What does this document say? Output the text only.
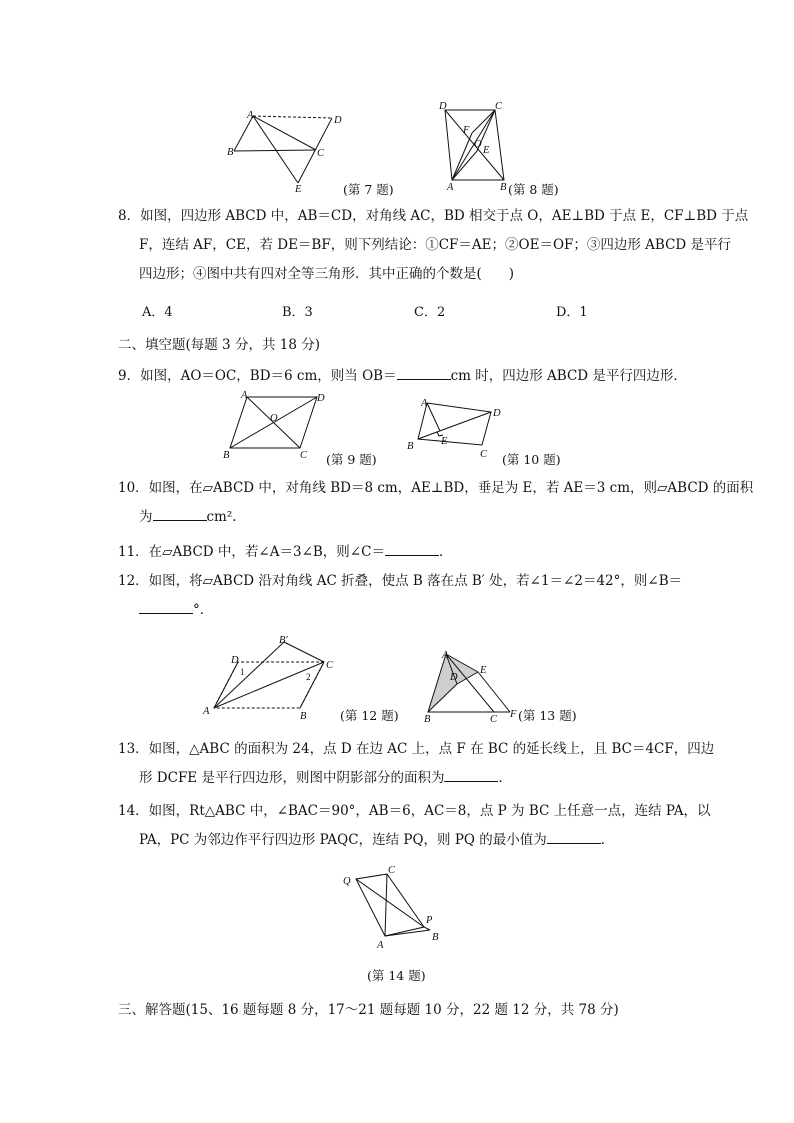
A	D
B	C
E	(第 7 题)
D	C
F
O
E
A	B (第 8 题)
8．如图，四边形 ABCD 中，AB＝CD，对角线 AC，BD 相交于点 O，AE⊥BD 于点 E，CF⊥BD 于点
F，连结 AF，CE，若 DE＝BF，则下列结论：①CF＝AE；②OE＝OF；③四边形 ABCD 是平行
四边形；④图中共有四对全等三角形．其中正确的个数是(　　)
A．4	B．3	C．2	D．1
二、填空题(每题 3 分，共 18 分)
9．如图，AO＝OC，BD＝6 cm，则当 OB＝	cm 时，四边形 ABCD 是平行四边形．
A	D
O
B	C (第 9 题)
A
D
E
B
C (第 10 题)
10．如图，在▱ABCD 中，对角线 BD＝8 cm，AE⊥BD，垂足为 E，若 AE＝3 cm，则▱ABCD 的面积
为	cm².
11．在▱ABCD 中，若∠A＝3∠B，则∠C＝	．
12．如图，将▱ABCD 沿对角线 AC 折叠，使点 B 落在点 B′ 处，若∠1＝∠2＝42°，则∠B＝
°．
B′
D
1
C
2
A	B	(第 12 题)
A
E
D
B	C F (第 13 题)
13．如图，△ABC 的面积为 24，点 D 在边 AC 上，点 F 在 BC 的延长线上，且 BC＝4CF，四边
形 DCFE 是平行四边形，则图中阴影部分的面积为	．
14．如图，Rt△ABC 中，∠BAC＝90°，AB＝6，AC＝8，点 P 为 BC 上任意一点，连结 PA，以
PA，PC 为邻边作平行四边形 PAQC，连结 PQ，则 PQ 的最小值为	．
C
Q
P
A
B
(第 14 题)
三、解答题(15、16 题每题 8 分，17～21 题每题 10 分，22 题 12 分，共 78 分)
